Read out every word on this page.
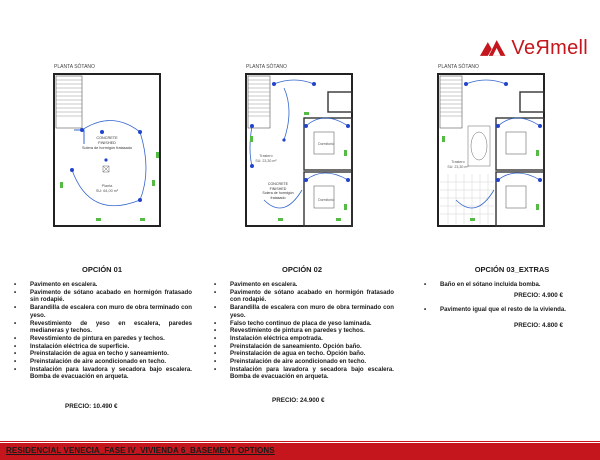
VeЯmell
PLANTA SÓTANO
CONCRETE
FINISHED
Solera de hormigón fratasado
Planta
SU: 64,00 m²
PLANTA SÓTANO
CONCRETE
FINISHED
Solera de hormigón fratasado
Trastero
SU: 23,30 m²
Dormitorio
Dormitorio
PLANTA SÓTANO
Trastero
SU: 23,30 m²
OPCIÓN 01
• Pavimento en escalera.
• Pavimento de sótano acabado en hormigón fratasado sin rodapié.
• Barandilla de escalera con muro de obra terminado con yeso.
• Revestimiento de yeso en escalera, paredes medianeras y techos.
• Revestimiento de pintura en paredes y techos.
• Instalación eléctrica de superficie.
• Preinstalación de agua en techo y saneamiento.
• Preinstalación de aire acondicionado en techo.
• Instalación para lavadora y secadora bajo escalera. Bomba de evacuación en arqueta.
PRECIO: 10.490 €
OPCIÓN 02
• Pavimento en escalera.
• Pavimento de sótano acabado en hormigón fratasado con rodapié.
• Barandilla de escalera con muro de obra terminado con yeso.
• Falso techo continuo de placa de yeso laminada.
• Revestimiento de pintura en paredes y techos.
• Instalación eléctrica empotrada.
• Preinstalación de saneamiento. Opción baño.
• Preinstalación de agua en techo. Opción baño.
• Preinstalación de aire acondicionado en techo.
• Instalación para lavadora y secadora bajo escalera. Bomba de evacuación en arqueta.
PRECIO: 24.900 €
OPCIÓN 03_EXTRAS
• Baño en el sótano incluida bomba.
PRECIO: 4.900 €
• Pavimento igual que el resto de la vivienda.
PRECIO: 4.800 €
RESIDENCIAL VENECIA_FASE IV_VIVIENDA 6_BASEMENT OPTIONS
